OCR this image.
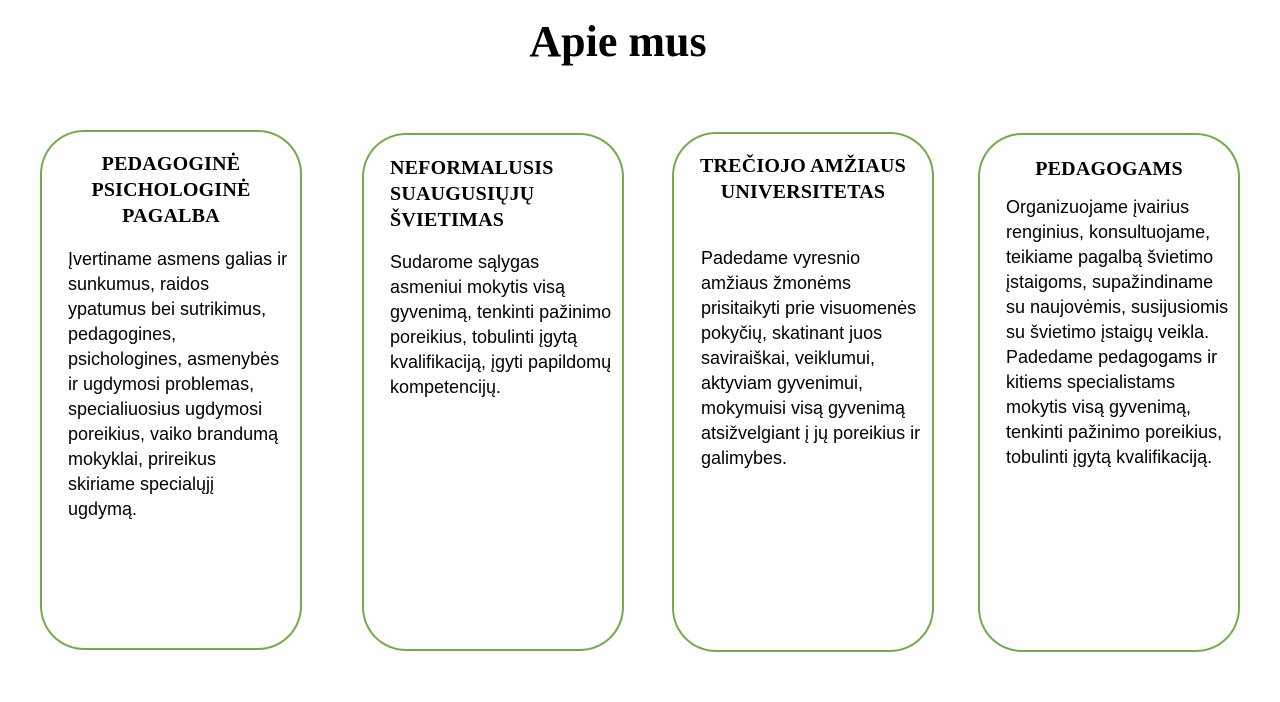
Apie mus
PEDAGOGINĖ PSICHOLOGINĖ PAGALBA
Įvertiname asmens galias ir sunkumus, raidos ypatumus bei sutrikimus, pedagogines, psichologines, asmenybės ir ugdymosi problemas, specialiuosius ugdymosi poreikius, vaiko brandumą mokyklai, prireikus skiriame specialųjį ugdymą.
NEFORMALUSIS SUAUGUSIŲJŲ ŠVIETIMAS
Sudarome sąlygas asmeniui mokytis visą gyvenimą, tenkinti pažinimo poreikius, tobulinti įgytą kvalifikaciją, įgyti papildomų kompetencijų.
TREČIOJO AMŽIAUS UNIVERSITETAS
Padedame vyresnio amžiaus žmonėms prisitaikyti prie visuomenės pokyčių, skatinant juos saviraiškai, veiklumui, aktyviam gyvenimui, mokymuisi visą gyvenimą atsižvelgiant į jų poreikius ir galimybes.
PEDAGOGAMS
Organizuojame įvairius renginius, konsultuojame, teikiame pagalbą švietimo įstaigoms, supažindiname su naujovėmis, susijusiomis su švietimo įstaigų veikla. Padedame pedagogams ir kitiems specialistams mokytis visą gyvenimą, tenkinti pažinimo poreikius, tobulinti įgytą kvalifikaciją.
